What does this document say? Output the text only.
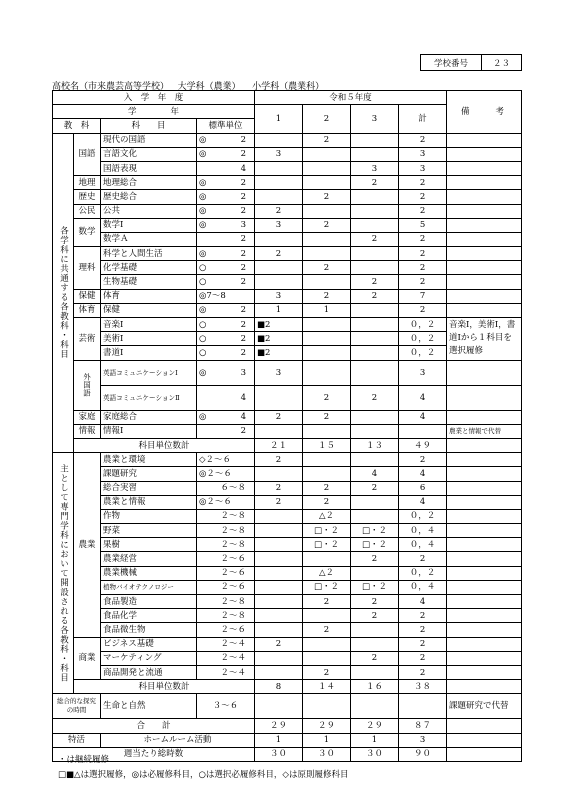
学校番号	２３
高校名（市来農芸高等学校） 大学科（農業） 小学科（農業科）
入　学　年　度				令和５年度				備　　考
学　　　　年				1	2	3	計	
教　科		科　　目	標準単位					
各学科に共通する各教科・科目	国語	現代の国語	◎ 2		2		2	
		言語文化	◎ 2	3			3	
		国語表現	4			3	3	
	地理	地理総合	◎ 2			2	2	
	歴史	歴史総合	◎ 2		2		2	
	公民	公共	◎ 2	2			2	
	数学	数学Ⅰ	◎ 3	3	2		5	
		数学Ａ	2			2	2	
	理科	科学と人間生活	◎ 2	2			2	
		化学基礎	○ 2		2		2	
		生物基礎	○ 2			2	2	
	保健	体育	◎7～8	3	2	2	7	
	体育	保健	◎ 2	1	1		2	
	芸術	音楽Ⅰ	○ 2	■2			０，２	音楽Ⅰ，美術Ⅰ，書道Ⅰから１科目を選択履修
		美術Ⅰ	○ 2	■2			０，２	
		書道Ⅰ	○ 2	■2			０，２	
	外国語	英語コミュニケーションⅠ	◎ 3	3			3	
		英語コミュニケーションⅡ	4		2	2	4	
	家庭	家庭総合	◎ 4	2	2		4	
	情報	情報Ⅰ	2					農業と情報で代替
	科目単位数計			２１	１５	１３	４９	
主として専門学科において開設される各教科・科目	農業	農業と環境	◇２～６	2			2	
		課題研究	◎２～６			4	4	
		総合実習	６～８	2	2	2	6	
		農業と情報	◎２～６	2	2		4	
		作物	２～８		△２		０，２	
		野菜	２～８		□・２	□・２	０，４	
		果樹	２～８		□・２	□・２	０，４	
		農業経営	２～６			2	2	
		農業機械	２～６		△２		０，２	
		植物バイオテクノロジー	２～６		□・２	□・２	０，４	
		食品製造	２～８		2	2	4	
		食品化学	２～８			2	2	
		食品微生物	２～６		2		2	
	商業	ビジネス基礎	２～４	2			2	
		マーケティング	２～４			2	2	
		商品開発と流通	２～４		2		2	
	科目単位数計			8	１４	１６	３８	
総合的な探究の時間		生命と自然	３～６					課題研究で代替
合　　計				２９	２９	２９	８７	
特活		ホームルーム活動		1	1	1	3	
週当たり総時数				３０	３０	３０	９０	
・は継続履修
□■△は選択履修，◎は必履修科目，○は選択必履修科目，◇は原則履修科目
